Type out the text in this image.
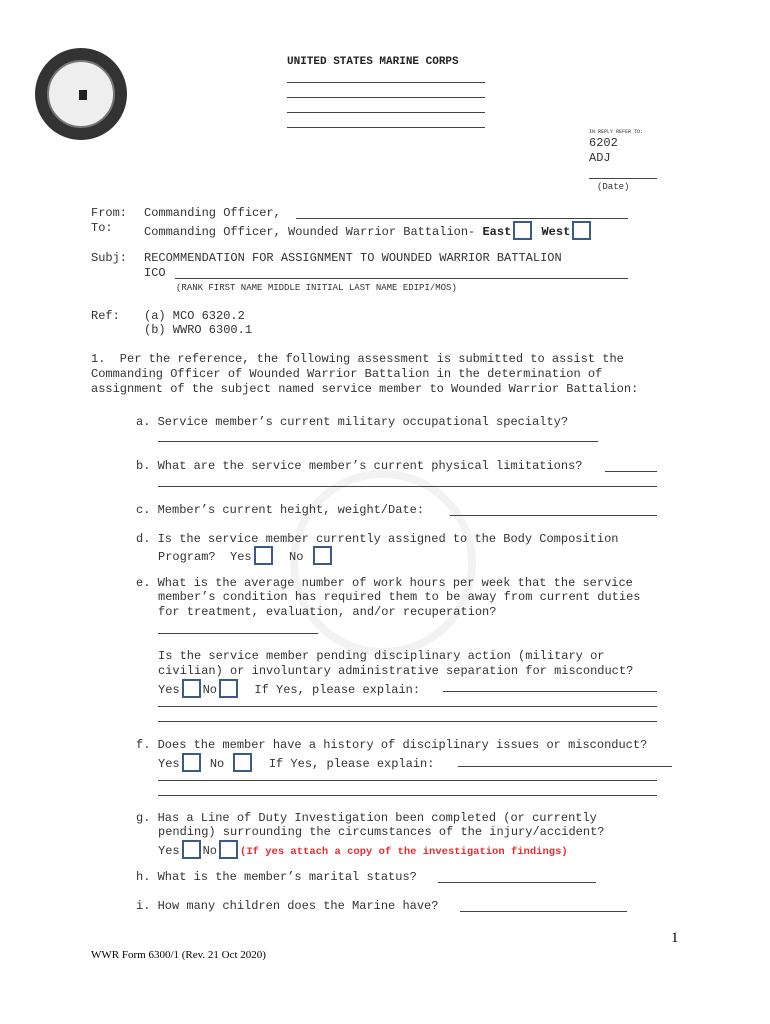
UNITED STATES MARINE CORPS
IN REPLY REFER TO:
6202
ADJ
(Date)
From: Commanding Officer,
To:	Commanding Officer, Wounded Warrior Battalion- East	West
Subj: RECOMMENDATION FOR ASSIGNMENT TO WOUNDED WARRIOR BATTALION
ICO
(RANK FIRST NAME MIDDLE INITIAL LAST NAME EDIPI/MOS)
Ref: (a) MCO 6320.2
(b) WWRO 6300.1
1.  Per the reference, the following assessment is submitted to assist the
Commanding Officer of Wounded Warrior Battalion in the determination of
assignment of the subject named service member to Wounded Warrior Battalion:
a. Service member’s current military occupational specialty?
b. What are the service member’s current physical limitations?
c. Member’s current height, weight/Date:
d. Is the service member currently assigned to the Body Composition
Program?  Yes	No
e. What is the average number of work hours per week that the service
member’s condition has required them to be away from current duties
for treatment, evaluation, and/or recuperation?
Is the service member pending disciplinary action (military or
civilian) or involuntary administrative separation for misconduct?
Yes No	If Yes, please explain:
f. Does the member have a history of disciplinary issues or misconduct?
Yes	No	If Yes, please explain:
g. Has a Line of Duty Investigation been completed (or currently
pending) surrounding the circumstances of the injury/accident?
Yes No (If yes attach a copy of the investigation findings)
h. What is the member’s marital status?
i. How many children does the Marine have?
1
WWR Form 6300/1 (Rev. 21 Oct 2020)
